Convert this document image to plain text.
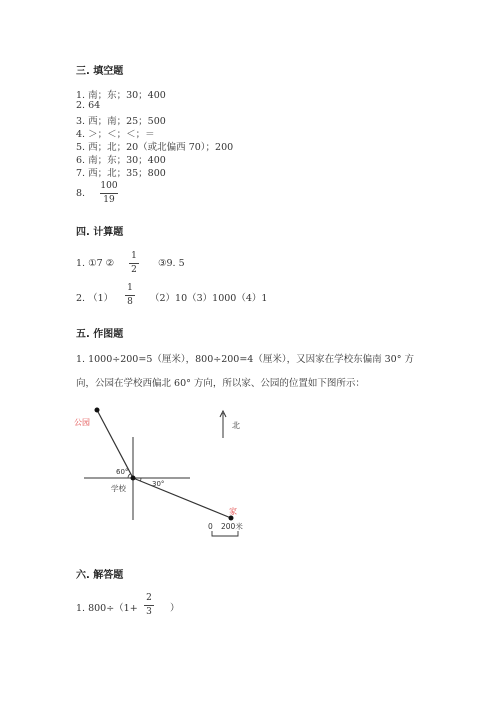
三. 填空题
1. 南；东；30；400
2. 64
3. 西；南；25；500
4. ＞；＜；＜；＝
5. 西；北；20（或北偏西 70）；200
6. 南；东；30；400
7. 西；北；35；800
8.
100
19
四. 计算题
1. ①7 ②
1
2
③9. 5
2. （1）
1
8 （2）10（3）1000（4）1
五. 作图题
1. 1000÷200=5（厘米），800÷200=4（厘米），又因家在学校东偏南 30° 方
向，公园在学校西偏北 60° 方向，所以家、公园的位置如下图所示：
公园
家
学校
60°
30°
北
0 200米
六. 解答题
1. 800÷（1+
2
3 ）
